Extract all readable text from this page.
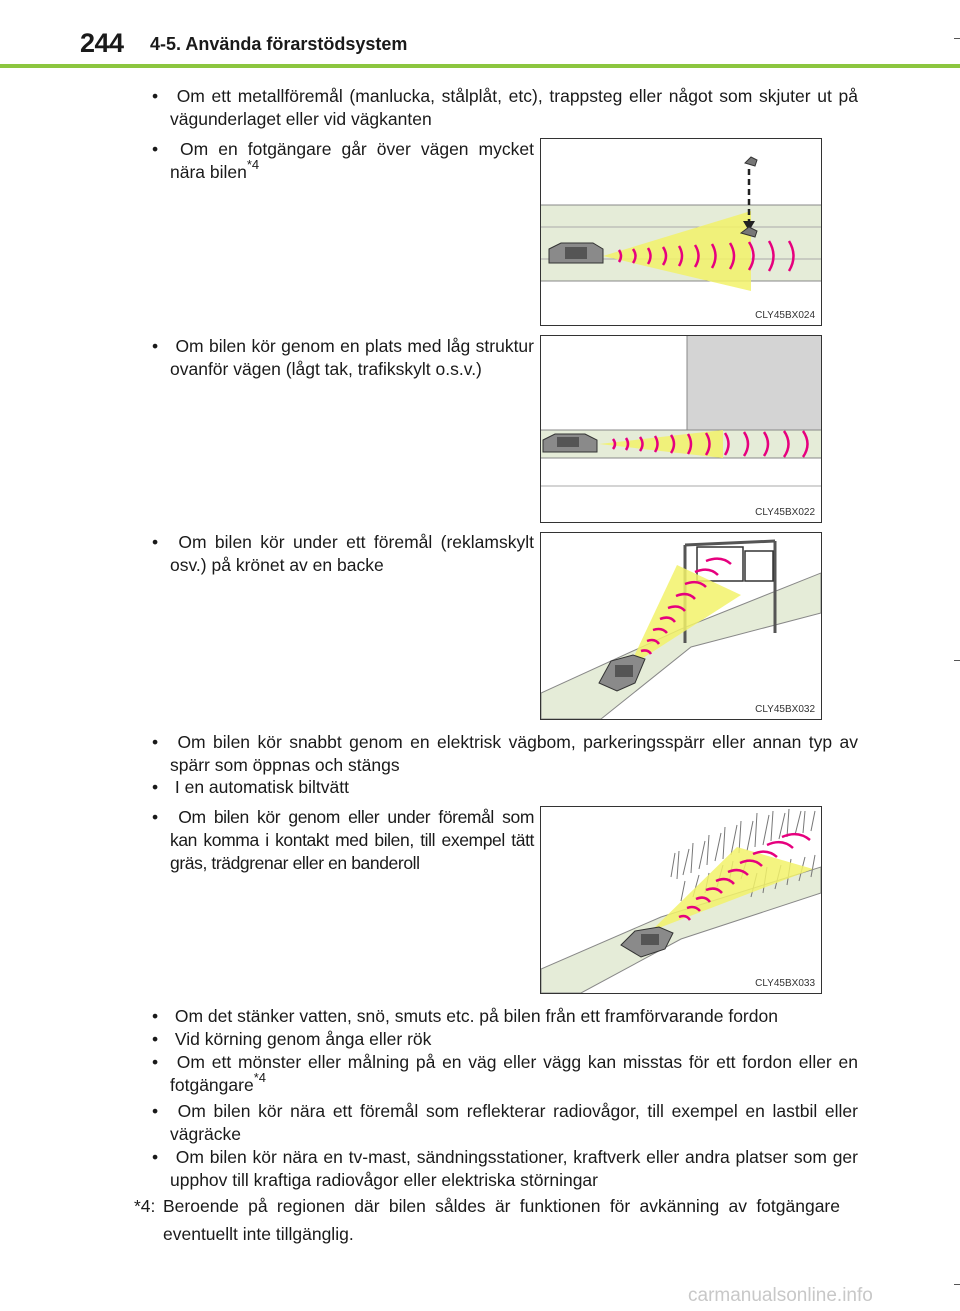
244 4-5. Använda förarstödsystem
• Om ett metallföremål (manlucka, stålplåt, etc), trappsteg eller något som skjuter ut på vägunderlaget eller vid vägkanten
• Om en fotgängare går över vägen mycket nära bilen$^{*4}$
CLY45BX024
• Om bilen kör genom en plats med låg struktur ovanför vägen (lågt tak, trafikskylt o.s.v.)
CLY45BX022
• Om bilen kör under ett föremål (reklamskylt osv.) på krönet av en backe
CLY45BX032
• Om bilen kör snabbt genom en elektrisk vägbom, parkeringsspärr eller annan typ av spärr som öppnas och stängs
• I en automatisk biltvätt
• Om bilen kör genom eller under föremål som kan komma i kontakt med bilen, till exempel tätt gräs, trädgrenar eller en banderoll
CLY45BX033
• Om det stänker vatten, snö, smuts etc. på bilen från ett framförvarande fordon
• Vid körning genom ånga eller rök
• Om ett mönster eller målning på en väg eller vägg kan misstas för ett fordon eller en fotgängare$^{*4}$
• Om bilen kör nära ett föremål som reflekterar radiovågor, till exempel en lastbil eller vägräcke
• Om bilen kör nära en tv-mast, sändningsstationer, kraftverk eller andra platser som ger upphov till kraftiga radiovågor eller elektriska störningar
*4: Beroende på regionen där bilen såldes är funktionen för avkänning av fotgängare eventuellt inte tillgänglig.
carmanualsonline.info
